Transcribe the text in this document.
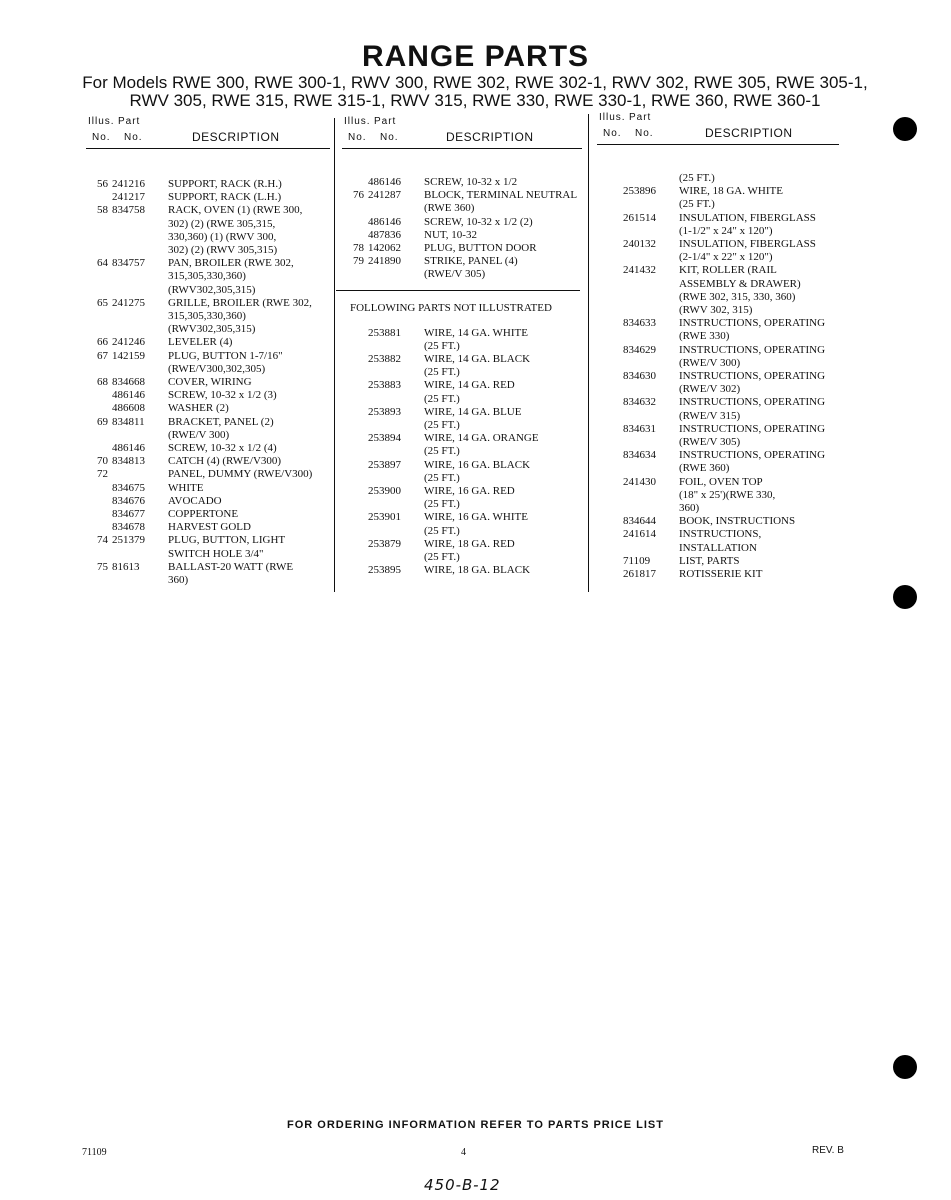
RANGE PARTS
For Models RWE 300, RWE 300-1, RWV 300, RWE 302, RWE 302-1, RWV 302, RWE 305, RWE 305-1,
RWV 305, RWE 315, RWE 315-1, RWV 315, RWE 330, RWE 330-1, RWE 360, RWE 360-1
Illus. Part
No. No.	DESCRIPTION
56 241216	SUPPORT, RACK (R.H.)
241217	SUPPORT, RACK (L.H.)
58 834758	RACK, OVEN (1) (RWE 300,
302) (2) (RWE 305,315,
330,360) (1) (RWV 300,
302) (2) (RWV 305,315)
64 834757	PAN, BROILER (RWE 302,
315,305,330,360)
(RWV302,305,315)
65 241275	GRILLE, BROILER (RWE 302,
315,305,330,360)
(RWV302,305,315)
66 241246	LEVELER (4)
67 142159	PLUG, BUTTON 1-7/16"
(RWE/V300,302,305)
68 834668	COVER, WIRING
486146	SCREW, 10-32 x 1/2 (3)
486608	WASHER (2)
69 834811	BRACKET, PANEL (2)
(RWE/V 300)
486146	SCREW, 10-32 x 1/2 (4)
70 834813	CATCH (4) (RWE/V300)
72	PANEL, DUMMY (RWE/V300)
834675	WHITE
834676	AVOCADO
834677	COPPERTONE
834678	HARVEST GOLD
74 251379	PLUG, BUTTON, LIGHT
SWITCH HOLE 3/4"
75 81613	BALLAST-20 WATT (RWE
360)
Illus. Part
No. No.	DESCRIPTION
486146	SCREW, 10-32 x 1/2
76 241287	BLOCK, TERMINAL NEUTRAL
(RWE 360)
486146	SCREW, 10-32 x 1/2 (2)
487836	NUT, 10-32
78 142062	PLUG, BUTTON DOOR
79 241890	STRIKE, PANEL (4)
(RWE/V 305)
FOLLOWING PARTS NOT ILLUSTRATED
253881	WIRE, 14 GA. WHITE
(25 FT.)
253882	WIRE, 14 GA. BLACK
(25 FT.)
253883	WIRE, 14 GA. RED
(25 FT.)
253893	WIRE, 14 GA. BLUE
(25 FT.)
253894	WIRE, 14 GA. ORANGE
(25 FT.)
253897	WIRE, 16 GA. BLACK
(25 FT.)
253900	WIRE, 16 GA. RED
(25 FT.)
253901	WIRE, 16 GA. WHITE
(25 FT.)
253879	WIRE, 18 GA. RED
(25 FT.)
253895	WIRE, 18 GA. BLACK
Illus. Part
No. No.	DESCRIPTION
(25 FT.)
253896	WIRE, 18 GA. WHITE
(25 FT.)
261514	INSULATION, FIBERGLASS
(1-1/2" x 24" x 120")
240132	INSULATION, FIBERGLASS
(2-1/4" x 22" x 120")
241432	KIT, ROLLER (RAIL
ASSEMBLY & DRAWER)
(RWE 302, 315, 330, 360)
(RWV 302, 315)
834633	INSTRUCTIONS, OPERATING
(RWE 330)
834629	INSTRUCTIONS, OPERATING
(RWE/V 300)
834630	INSTRUCTIONS, OPERATING
(RWE/V 302)
834632	INSTRUCTIONS, OPERATING
(RWE/V 315)
834631	INSTRUCTIONS, OPERATING
(RWE/V 305)
834634	INSTRUCTIONS, OPERATING
(RWE 360)
241430	FOIL, OVEN TOP
(18" x 25')(RWE 330,
360)
834644	BOOK, INSTRUCTIONS
241614	INSTRUCTIONS,
INSTALLATION
71109	LIST, PARTS
261817	ROTISSERIE KIT
FOR ORDERING INFORMATION REFER TO PARTS PRICE LIST
71109	4	REV. B
450-B-12
